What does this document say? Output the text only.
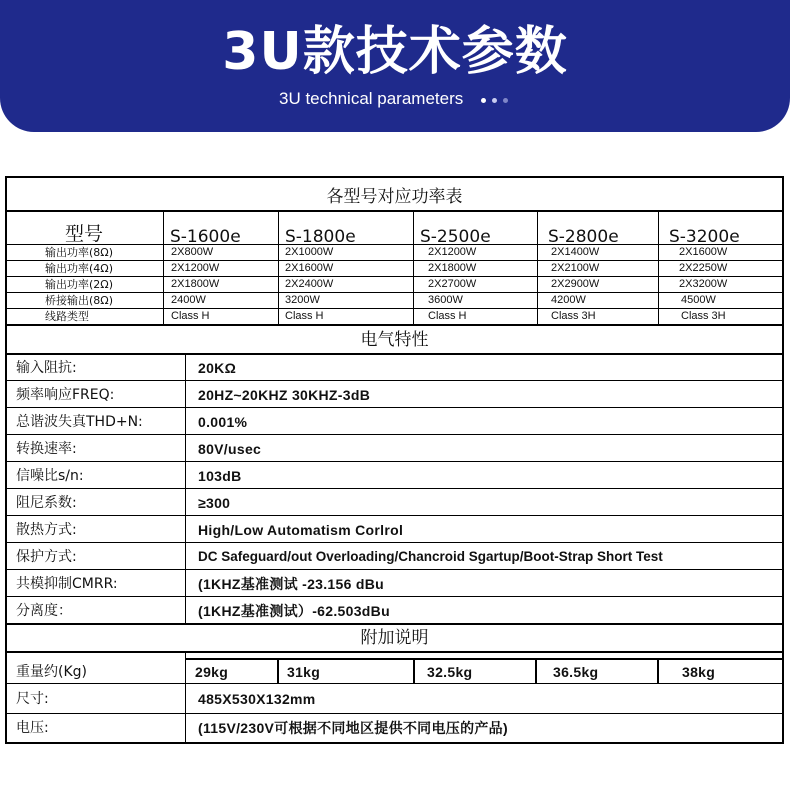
3U款技术参数
3U technical parameters
各型号对应功率表
型号	S-1600e	S-1800e	S-2500e	S-2800e	S-3200e
输出功率(8Ω)	2X800W	2X1000W	2X1200W	2X1400W	2X1600W
输出功率(4Ω)	2X1200W	2X1600W	2X1800W	2X2100W	2X2250W
输出功率(2Ω)	2X1800W	2X2400W	2X2700W	2X2900W	2X3200W
桥接输出(8Ω)	2400W	3200W	3600W	4200W	4500W
线路类型	Class H	Class H	Class H	Class 3H	Class 3H
电气特性
输入阻抗:	20KΩ
频率响应FREQ:	20HZ~20KHZ 30KHZ-3dB
总谐波失真THD+N:	0.001%
转换速率:	80V/usec
信噪比s/n:	103dB
阻尼系数:	≥300
散热方式:	High/Low Automatism Corlrol
保护方式:	DC Safeguard/out Overloading/Chancroid Sgartup/Boot-Strap Short Test
共模抑制CMRR:	(1KHZ基准测试 -23.156 dBu
分离度：	(1KHZ基准测试）-62.503dBu
附加说明
重量约(Kg)	29kg	31kg	32.5kg	36.5kg	38kg
尺寸:	485X530X132mm
电压:	(115V/230V可根据不同地区提供不同电压的产品)
